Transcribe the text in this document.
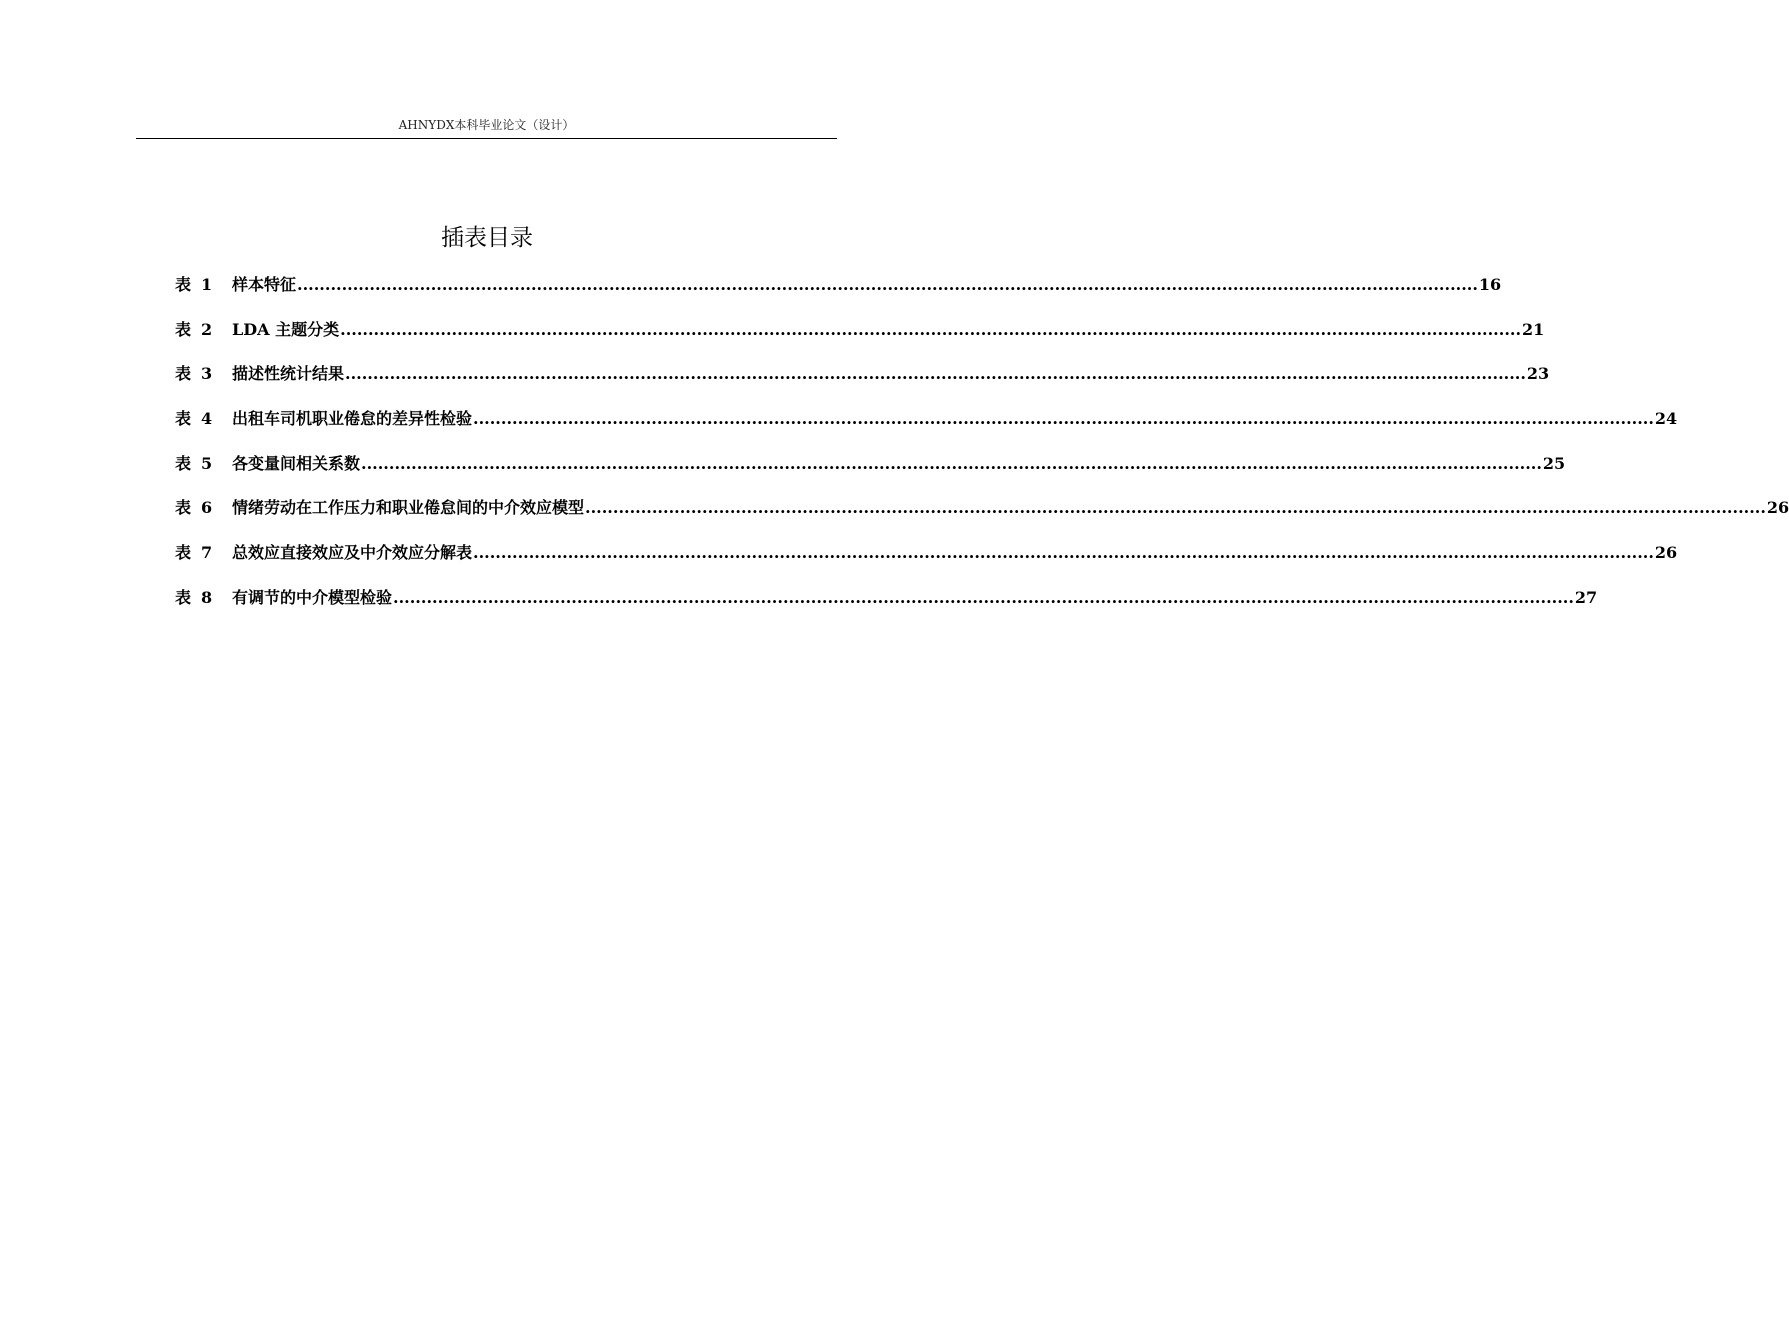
AHNYDX本科毕业论文（设计）
插表目录
表 1	样本特征 .................................................................................................................................................................................................................... 16
表 2	LDA 主题分类 .................................................................................................................................................................................................................... 21
表 3	描述性统计结果 .................................................................................................................................................................................................................... 23
表 4	出租车司机职业倦怠的差异性检验 .................................................................................................................................................................................................................... 24
表 5	各变量间相关系数 .................................................................................................................................................................................................................... 25
表 6	情绪劳动在工作压力和职业倦怠间的中介效应模型 .................................................................................................................................................................................................................... 26
表 7	总效应直接效应及中介效应分解表 .................................................................................................................................................................................................................... 26
表 8	有调节的中介模型检验 .................................................................................................................................................................................................................... 27
